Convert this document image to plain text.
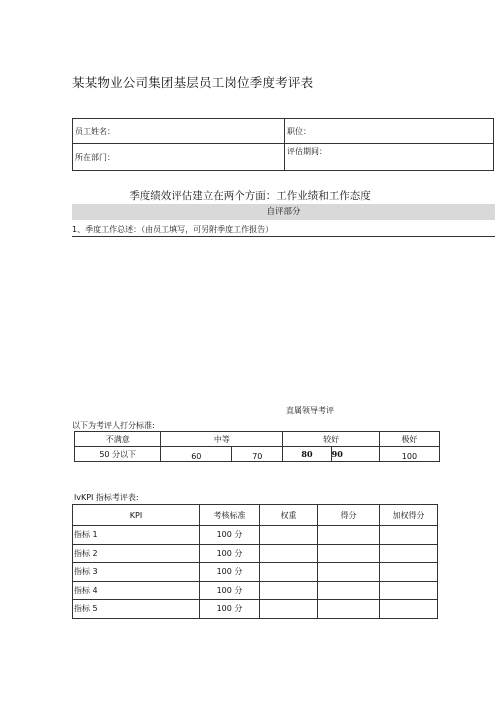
某某物业公司集团基层员工岗位季度考评表
员工姓名：	职位：
所在部门：	评估期间：
季度绩效评估建立在两个方面：工作业绩和工作态度
自评部分
1、季度工作总述：（由员工填写，可另附季度工作报告）
直属领导考评
以下为考评人打分标准:
不满意	中等		较好		极好
50 分以下	60	70	80	90	100
lvKPI 指标考评表:
KPI	考核标准	权重	得分	加权得分
指标 1	100 分			
指标 2	100 分			
指标 3	100 分			
指标 4	100 分			
指标 5	100 分			
